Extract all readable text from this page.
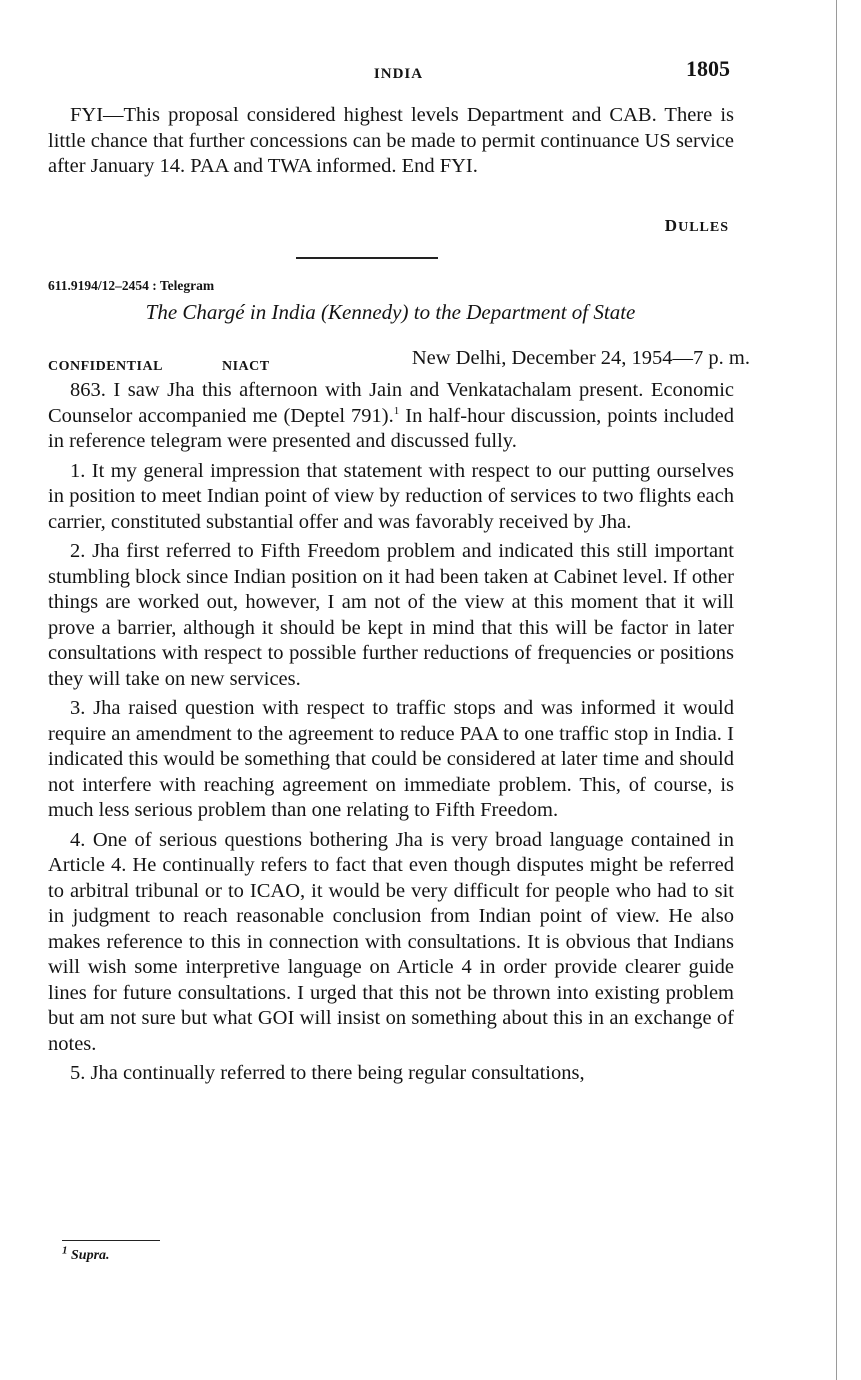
INDIA	1805
FYI—This proposal considered highest levels Department and CAB. There is little chance that further concessions can be made to permit continuance US service after January 14. PAA and TWA informed. End FYI.
DULLES
611.9194/12–2454 : Telegram
The Chargé in India (Kennedy) to the Department of State
CONFIDENTIAL	NIACT	New Delhi, December 24, 1954—7 p. m.

863. I saw Jha this afternoon with Jain and Venkatachalam present. Economic Counselor accompanied me (Deptel 791).$^1$ In half-hour discussion, points included in reference telegram were presented and discussed fully.

1. It my general impression that statement with respect to our putting ourselves in position to meet Indian point of view by reduction of services to two flights each carrier, constituted substantial offer and was favorably received by Jha.

2. Jha first referred to Fifth Freedom problem and indicated this still important stumbling block since Indian position on it had been taken at Cabinet level. If other things are worked out, however, I am not of the view at this moment that it will prove a barrier, although it should be kept in mind that this will be factor in later consultations with respect to possible further reductions of frequencies or positions they will take on new services.

3. Jha raised question with respect to traffic stops and was informed it would require an amendment to the agreement to reduce PAA to one traffic stop in India. I indicated this would be something that could be considered at later time and should not interfere with reaching agreement on immediate problem. This, of course, is much less serious problem than one relating to Fifth Freedom.

4. One of serious questions bothering Jha is very broad language contained in Article 4. He continually refers to fact that even though disputes might be referred to arbitral tribunal or to ICAO, it would be very difficult for people who had to sit in judgment to reach reasonable conclusion from Indian point of view. He also makes reference to this in connection with consultations. It is obvious that Indians will wish some interpretive language on Article 4 in order provide clearer guide lines for future consultations. I urged that this not be thrown into existing problem but am not sure but what GOI will insist on something about this in an exchange of notes.

5. Jha continually referred to there being regular consultations,

$^1$ Supra.
